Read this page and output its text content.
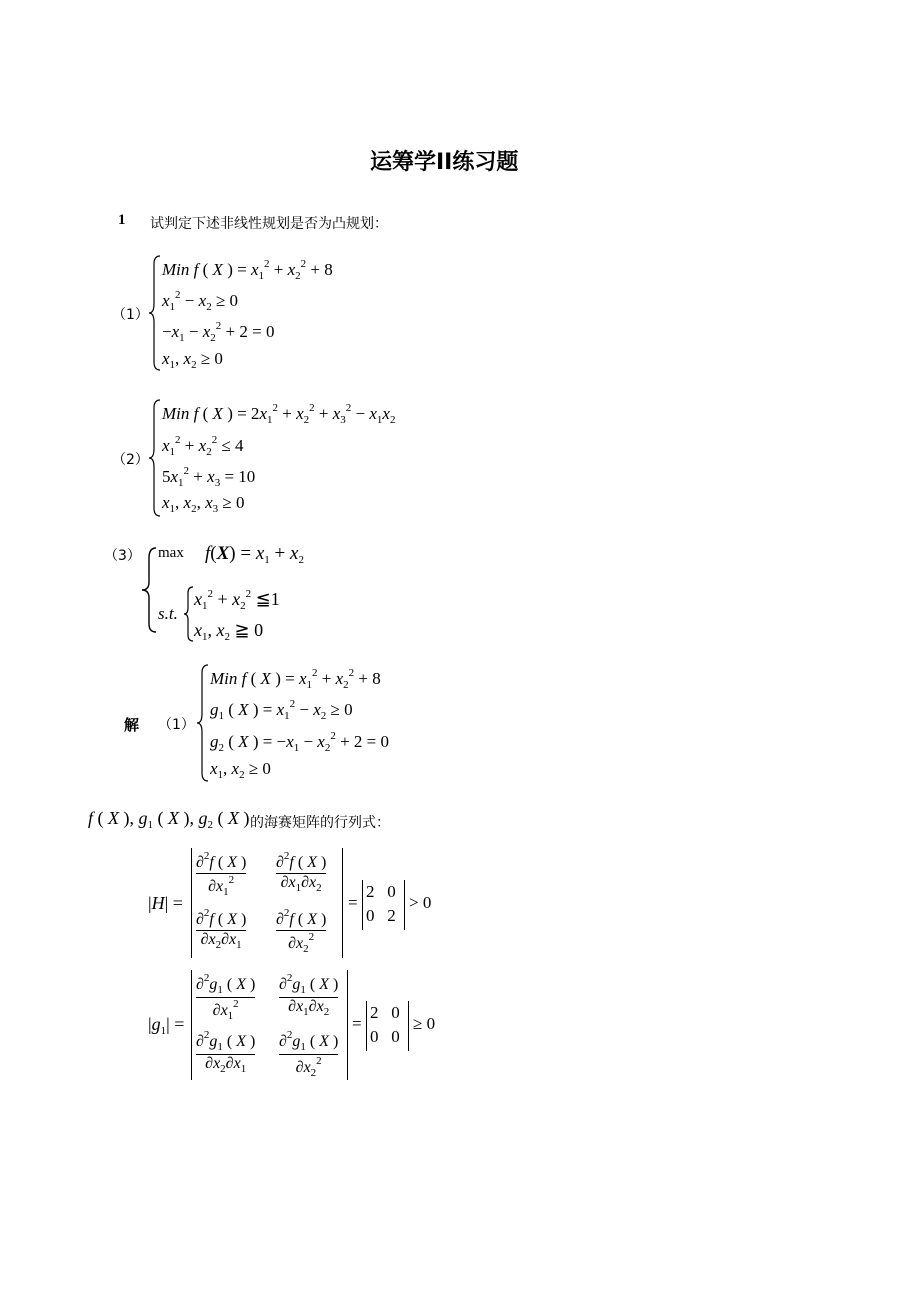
运筹学II练习题
1 试判定下述非线性规划是否为凸规划：
（1）
Min f ( X ) = $x_1^2 + x_2^2 + 8$
$x_1^2 - x_2 \ge 0$
$-x_1 - x_2^2 + 2 = 0$
$x_1$, $x_2 \ge 0$
（2）
Min f ( X ) = $2x_1^2 + x_2^2 + x_3^2 - x_1x_2$
$x_1^2 + x_2^2 \le 4$
$5x_1^2 + x_3 = 10$
$x_1$, $x_2$, $x_3 \ge 0$
（3） $\max f(X) = x_1 + x_2$
s.t.
$x_1^2 + x_2^2$ ≦1
$x_1$, $x_2$ ≧ 0
解 （1）
Min f ( X ) = $x_1^2 + x_2^2 + 8$
$g_1$ ( X ) = $x_1^2 - x_2 \ge 0$
$g_2$ ( X ) = $-x_1 - x_2^2 + 2 = 0$
$x_1$, $x_2 \ge 0$
f ( X ), $g_1$ ( X ), $g_2$ ( X ) 的海赛矩阵的行列式：
|H| =
∂$^2$f ( X )
$\partial x_1^2$
∂$^2$f ( X )
$\partial x_1\partial x_2$
∂$^2$f ( X )
$\partial x_2\partial x_1$
∂$^2$f ( X )
$\partial x_2^2$
=
2   0
0   2
> 0
$|g_1|$ =
$\partial^2g_1$ ( X )
$\partial x_1^2$
$\partial^2g_1$ ( X )
$\partial x_1\partial x_2$
$\partial^2g_1$ ( X )
$\partial x_2\partial x_1$
$\partial^2g_1$ ( X )
$\partial x_2^2$
=
2   0
0   0
≥ 0
